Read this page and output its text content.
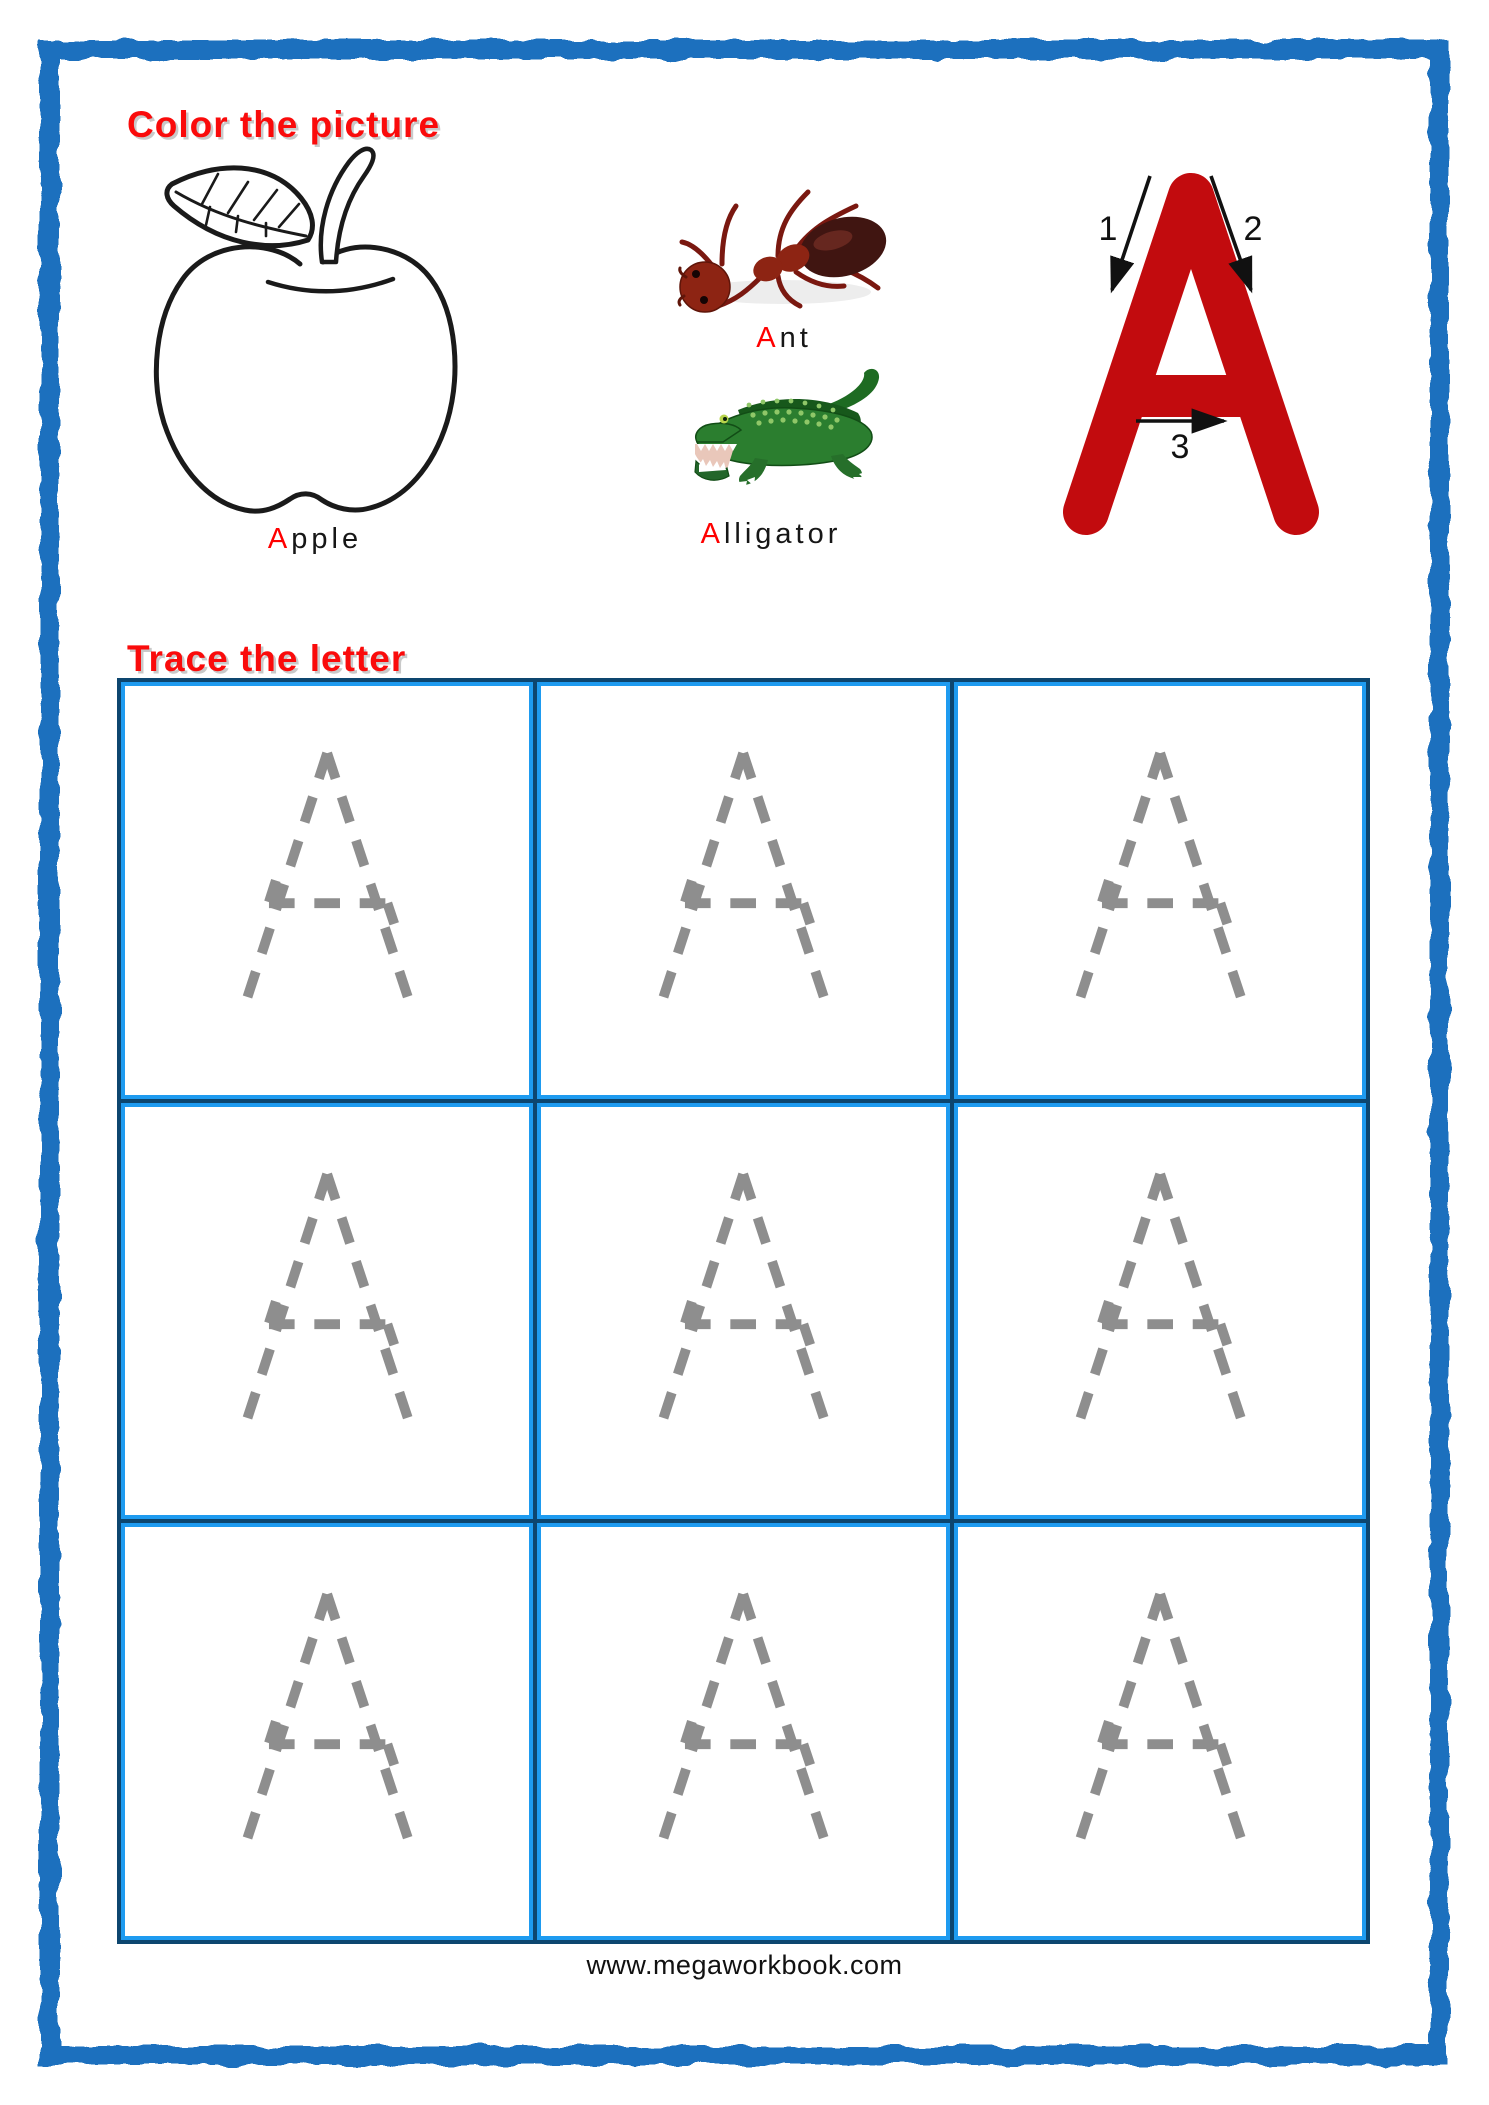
Color the picture
Apple
Ant
Alligator
1	2
3
Trace the letter

www.megaworkbook.com
